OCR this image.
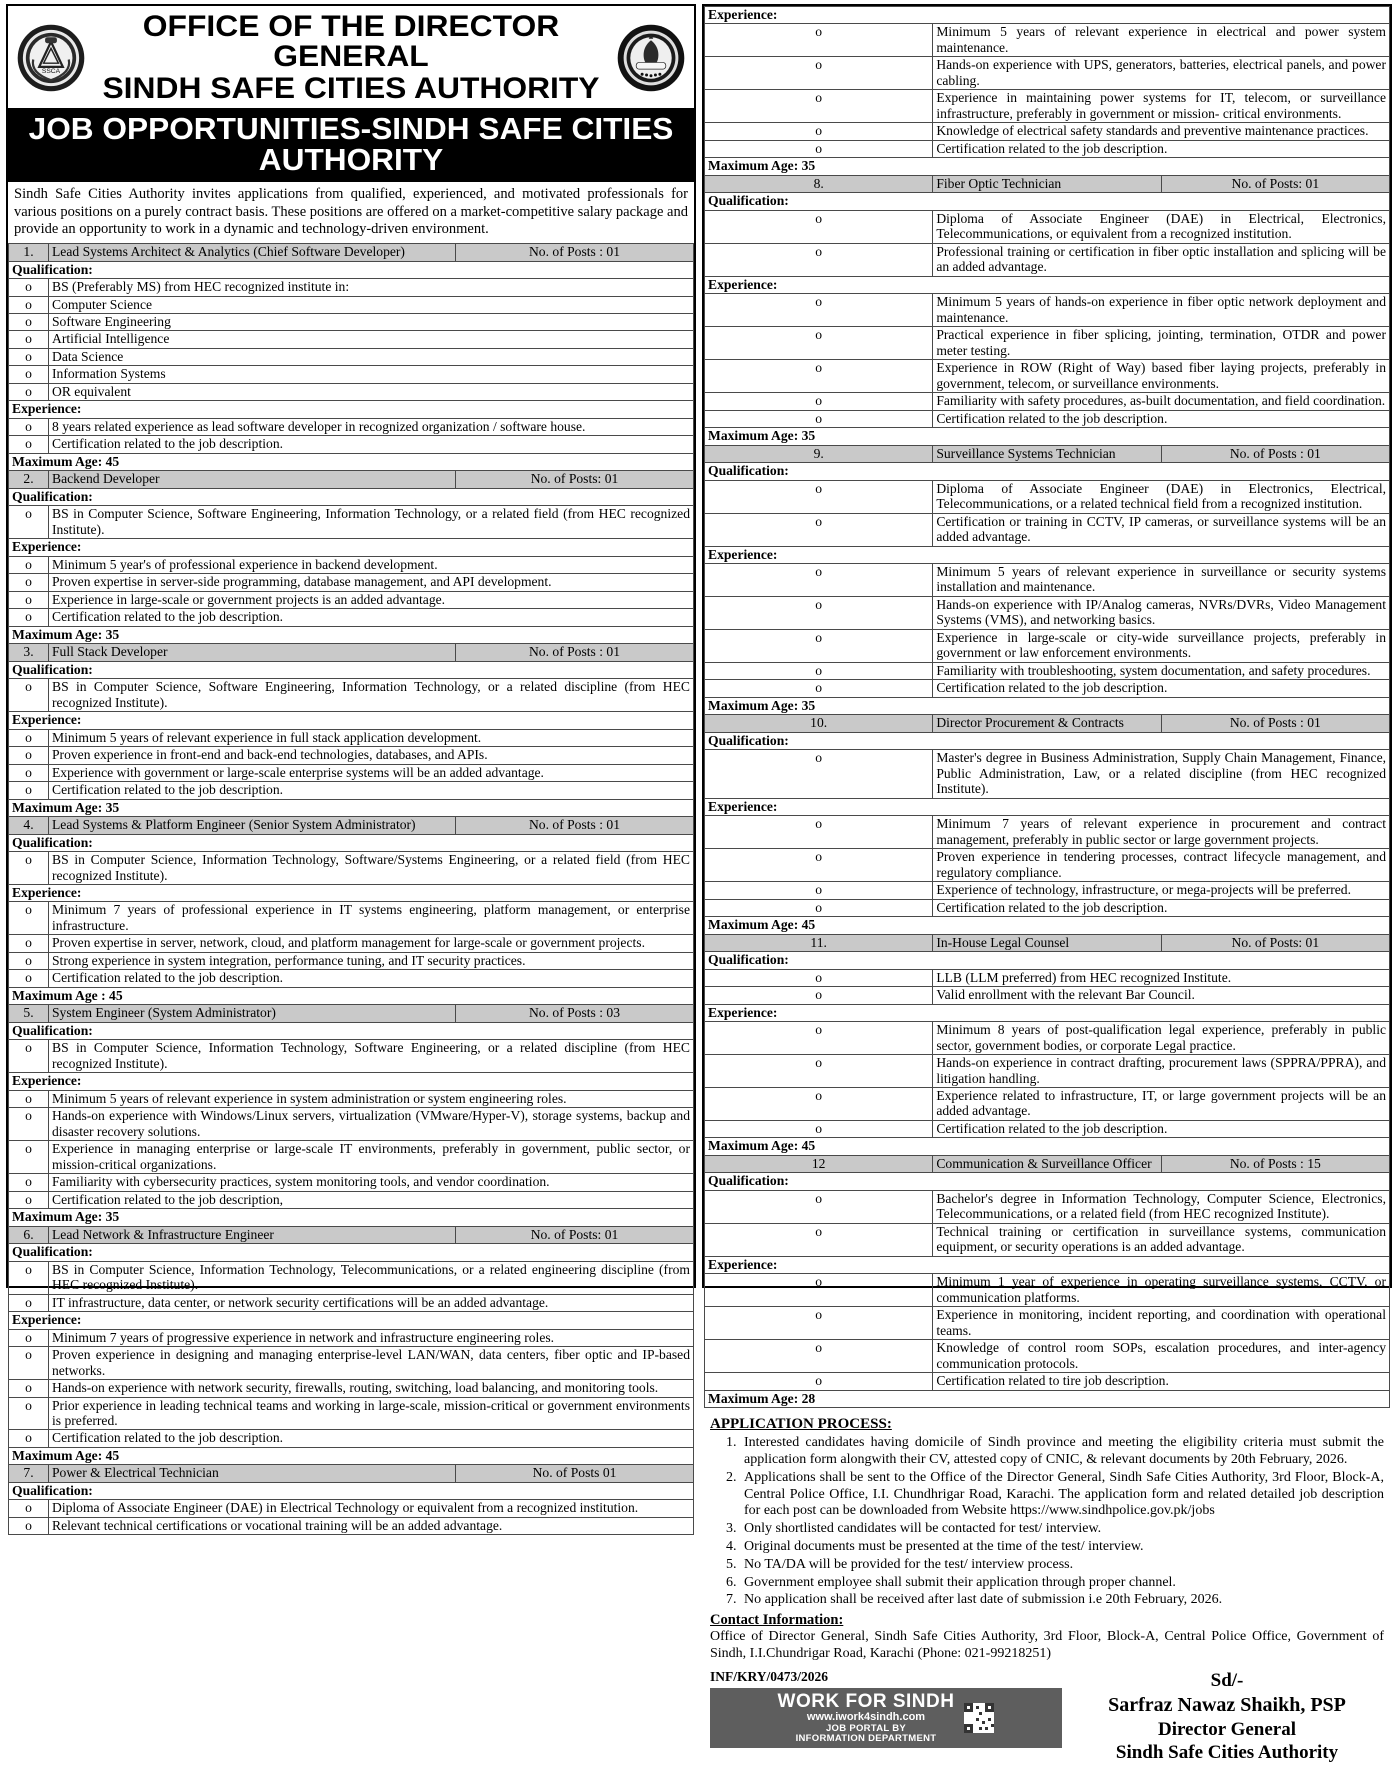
SSCA
OFFICE OF THE DIRECTOR GENERAL
SINDH SAFE CITIES AUTHORITY
JOB OPPORTUNITIES-SINDH SAFE CITIES AUTHORITY
Sindh Safe Cities Authority invites applications from qualified, experienced, and motivated professionals for various positions on a purely contract basis. These positions are offered on a market-competitive salary package and provide an opportunity to work in a dynamic and technology-driven environment.
1.	Lead Systems Architect & Analytics (Chief Software Developer)	No. of Posts : 01
Qualification:		
o	BS (Preferably MS) from HEC recognized institute in:	
o	Computer Science	
o	Software Engineering	
o	Artificial Intelligence	
o	Data Science	
o	Information Systems	
o	OR equivalent	
Experience:		
o	8 years related experience as lead software developer in recognized organization / software house.	
o	Certification related to the job description.	
Maximum Age: 45		
2.	Backend Developer	No. of Posts: 01
Qualification:		
o	BS in Computer Science, Software Engineering, Information Technology, or a related field (from HEC recognized Institute).	
Experience:		
o	Minimum 5 year's of professional experience in backend development.	
o	Proven expertise in server-side programming, database management, and API development.	
o	Experience in large-scale or government projects is an added advantage.	
o	Certification related to the job description.	
Maximum Age: 35		
3.	Full Stack Developer	No. of Posts : 01
Qualification:		
o	BS in Computer Science, Software Engineering, Information Technology, or a related discipline (from HEC recognized Institute).	
Experience:		
o	Minimum 5 years of relevant experience in full stack application development.	
o	Proven experience in front-end and back-end technologies, databases, and APIs.	
o	Experience with government or large-scale enterprise systems will be an added advantage.	
o	Certification related to the job description.	
Maximum Age: 35		
4.	Lead Systems & Platform Engineer (Senior System Administrator)	No. of Posts : 01
Qualification:		
o	BS in Computer Science, Information Technology, Software/Systems Engineering, or a related field (from HEC recognized Institute).	
Experience:		
o	Minimum 7 years of professional experience in IT systems engineering, platform management, or enterprise infrastructure.	
o	Proven expertise in server, network, cloud, and platform management for large-scale or government projects.	
o	Strong experience in system integration, performance tuning, and IT security practices.	
o	Certification related to the job description.	
Maximum Age : 45		
5.	System Engineer (System Administrator)	No. of Posts : 03
Qualification:		
o	BS in Computer Science, Information Technology, Software Engineering, or a related discipline (from HEC recognized Institute).	
Experience:		
o	Minimum 5 years of relevant experience in system administration or system engineering roles.	
o	Hands-on experience with Windows/Linux servers, virtualization (VMware/Hyper-V), storage systems, backup and disaster recovery solutions.	
o	Experience in managing enterprise or large-scale IT environments, preferably in government, public sector, or mission-critical organizations.	
o	Familiarity with cybersecurity practices, system monitoring tools, and vendor coordination.	
o	Certification related to the job description,	
Maximum Age: 35		
6.	Lead Network & Infrastructure Engineer	No. of Posts: 01
Qualification:		
o	BS in Computer Science, Information Technology, Telecommunications, or a related engineering discipline (from HEC recognized Institute).	
o	IT infrastructure, data center, or network security certifications will be an added advantage.	
Experience:		
o	Minimum 7 years of progressive experience in network and infrastructure engineering roles.	
o	Proven experience in designing and managing enterprise-level LAN/WAN, data centers, fiber optic and IP-based networks.	
o	Hands-on experience with network security, firewalls, routing, switching, load balancing, and monitoring tools.	
o	Prior experience in leading technical teams and working in large-scale, mission-critical or government environments is preferred.	
o	Certification related to the job description.	
Maximum Age: 45		
7.	Power & Electrical Technician	No. of Posts 01
Qualification:		
o	Diploma of Associate Engineer (DAE) in Electrical Technology or equivalent from a recognized institution.	
o	Relevant technical certifications or vocational training will be an added advantage.	
Experience:		
o	Minimum 5 years of relevant experience in electrical and power system maintenance.	
o	Hands-on experience with UPS, generators, batteries, electrical panels, and power cabling.	
o	Experience in maintaining power systems for IT, telecom, or surveillance infrastructure, preferably in government or mission- critical environments.	
o	Knowledge of electrical safety standards and preventive maintenance practices.	
o	Certification related to the job description.	
Maximum Age: 35		
8.	Fiber Optic Technician	No. of Posts: 01
Qualification:		
o	Diploma of Associate Engineer (DAE) in Electrical, Electronics, Telecommunications, or equivalent from a recognized institution.	
o	Professional training or certification in fiber optic installation and splicing will be an added advantage.	
Experience:		
o	Minimum 5 years of hands-on experience in fiber optic network deployment and maintenance.	
o	Practical experience in fiber splicing, jointing, termination, OTDR and power meter testing.	
o	Experience in ROW (Right of Way) based fiber laying projects, preferably in government, telecom, or surveillance environments.	
o	Familiarity with safety procedures, as-built documentation, and field coordination.	
o	Certification related to the job description.	
Maximum Age: 35		
9.	Surveillance Systems Technician	No. of Posts : 01
Qualification:		
o	Diploma of Associate Engineer (DAE) in Electronics, Electrical, Telecommunications, or a related technical field from a recognized institution.	
o	Certification or training in CCTV, IP cameras, or surveillance systems will be an added advantage.	
Experience:		
o	Minimum 5 years of relevant experience in surveillance or security systems installation and maintenance.	
o	Hands-on experience with IP/Analog cameras, NVRs/DVRs, Video Management Systems (VMS), and networking basics.	
o	Experience in large-scale or city-wide surveillance projects, preferably in government or law enforcement environments.	
o	Familiarity with troubleshooting, system documentation, and safety procedures.	
o	Certification related to the job description.	
Maximum Age: 35		
10.	Director Procurement & Contracts	No. of Posts : 01
Qualification:		
o	Master's degree in Business Administration, Supply Chain Management, Finance, Public Administration, Law, or a related discipline (from HEC recognized Institute).	
Experience:		
o	Minimum 7 years of relevant experience in procurement and contract management, preferably in public sector or large government projects.	
o	Proven experience in tendering processes, contract lifecycle management, and regulatory compliance.	
o	Experience of technology, infrastructure, or mega-projects will be preferred.	
o	Certification related to the job description.	
Maximum Age: 45		
11.	In-House Legal Counsel	No. of Posts: 01
Qualification:		
o	LLB (LLM preferred) from HEC recognized Institute.	
o	Valid enrollment with the relevant Bar Council.	
Experience:		
o	Minimum 8 years of post-qualification legal experience, preferably in public sector, government bodies, or corporate Legal practice.	
o	Hands-on experience in contract drafting, procurement laws (SPPRA/PPRA), and litigation handling.	
o	Experience related to infrastructure, IT, or large government projects will be an added advantage.	
o	Certification related to the job description.	
Maximum Age: 45		
12	Communication & Surveillance Officer	No. of Posts : 15
Qualification:		
o	Bachelor's degree in Information Technology, Computer Science, Electronics, Telecommunications, or a related field (from HEC recognized Institute).	
o	Technical training or certification in surveillance systems, communication equipment, or security operations is an added advantage.	
Experience:		
o	Minimum 1 year of experience in operating surveillance systems, CCTV, or communication platforms.	
o	Experience in monitoring, incident reporting, and coordination with operational teams.	
o	Knowledge of control room SOPs, escalation procedures, and inter-agency communication protocols.	
o	Certification related to tire job description.	
Maximum Age: 28		
APPLICATION PROCESS:
1. Interested candidates having domicile of Sindh province and meeting the eligibility criteria must submit the application form alongwith their CV, attested copy of CNIC, & relevant documents by 20th February, 2026.
2. Applications shall be sent to the Office of the Director General, Sindh Safe Cities Authority, 3rd Floor, Block-A, Central Police Office, I.I. Chundhrigar Road, Karachi. The application form and related detailed job description for each post can be downloaded from Website https://www.sindhpolice.gov.pk/jobs
3. Only shortlisted candidates will be contacted for test/ interview.
4. Original documents must be presented at the time of the test/ interview.
5. No TA/DA will be provided for the test/ interview process.
6. Government employee shall submit their application through proper channel.
7. No application shall be received after last date of submission i.e 20th February, 2026.
Contact Information:
Office of Director General, Sindh Safe Cities Authority, 3rd Floor, Block-A, Central Police Office, Government of Sindh, I.I.Chundrigar Road, Karachi (Phone: 021-99218251)
INF/KRY/0473/2026
WORK FOR SINDH
www.iwork4sindh.com
JOB PORTAL BY
INFORMATION DEPARTMENT
Sd/-
Sarfraz Nawaz Shaikh, PSP
Director General
Sindh Safe Cities Authority
